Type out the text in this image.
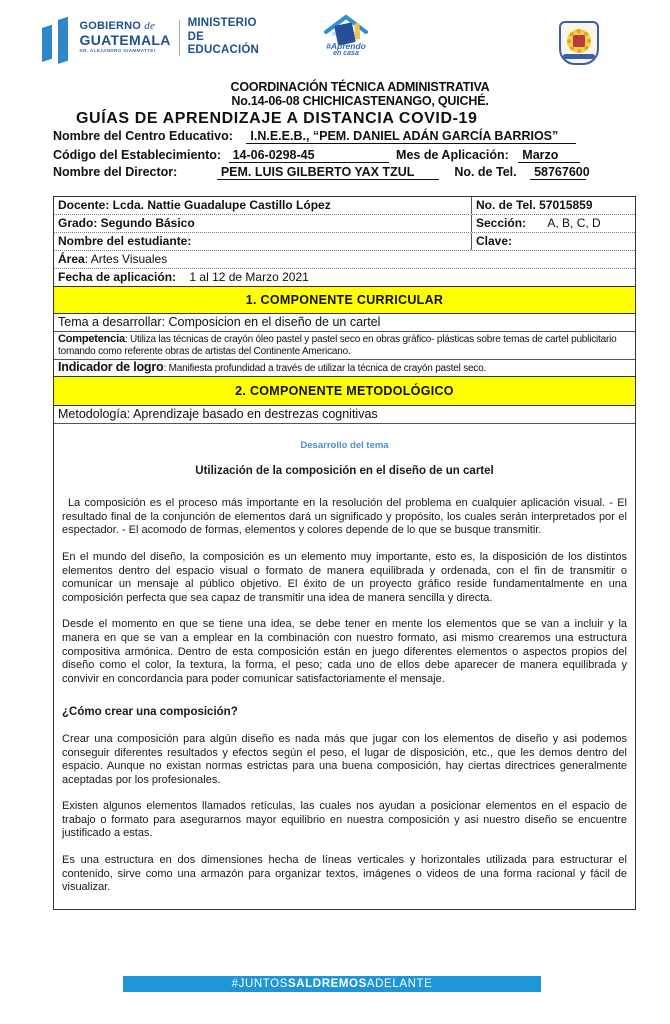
GOBIERNO de
GUATEMALA
DR. ALEJANDRO GIAMMATTEI
MINISTERIO DE
EDUCACIÓN	#Aprendo
en casa
COORDINACIÓN TÉCNICA ADMINISTRATIVA
No.14-06-08 CHICHICASTENANGO, QUICHÉ.
GUÍAS DE APRENDIZAJE A DISTANCIA COVID-19
Nombre del Centro Educativo: I.N.E.E.B., “PEM. DANIEL ADÁN GARCÍA BARRIOS”
Código del Establecimiento: 14-06-0298-45	Mes de Aplicación: Marzo
Nombre del Director:	PEM. LUIS GILBERTO YAX TZUL	No. de Tel. 58767600
Docente: Lcda. Nattie Guadalupe Castillo López	No. de Tel. 57015859
Grado: Segundo Básico	Sección: A, B, C, D
Nombre del estudiante:	Clave:
Área: Artes Visuales
Fecha de aplicación: 1 al 12 de Marzo 2021
1. COMPONENTE CURRICULAR
Tema a desarrollar: Composicion en el diseño de un cartel
Competencia: Utiliza las técnicas de crayón óleo pastel y pastel seco en obras gráfico- plásticas sobre temas de cartel publicitario tomando como referente obras de artistas del Continente Americano.
Indicador de logro: Manifiesta profundidad a través de utilizar la técnica de crayón pastel seco.
2. COMPONENTE METODOLÓGICO
Metodología: Aprendizaje basado en destrezas cognitivas
Desarrollo del tema
Utilización de la composición en el diseño de un cartel

La composición es el proceso más importante en la resolución del problema en cualquier aplicación visual. - El resultado final de la conjunción de elementos dará un significado y propósito, los cuales serán interpretados por el espectador. - El acomodo de formas, elementos y colores depende de lo que se busque transmitir.

En el mundo del diseño, la composición es un elemento muy importante, esto es, la disposición de los distintos elementos dentro del espacio visual o formato de manera equilibrada y ordenada, con el fin de transmitir o comunicar un mensaje al público objetivo. El éxito de un proyecto gráfico reside fundamentalmente en una composición perfecta que sea capaz de transmitir una idea de manera sencilla y directa.

Desde el momento en que se tiene una idea, se debe tener en mente los elementos que se van a incluir y la manera en que se van a emplear en la combinación con nuestro formato, asi mismo crearemos una estructura compositiva armónica. Dentro de esta composición están en juego diferentes elementos o aspectos propios del diseño como el color, la textura, la forma, el peso; cada uno de ellos debe aparecer de manera equilibrada y convivir en concordancia para poder comunicar satisfactoriamente el mensaje.

¿Cómo crear una composición?

Crear una composición para algún diseño es nada más que jugar con los elementos de diseño y asi podemos conseguir diferentes resultados y efectos según el peso, el lugar de disposición, etc., que les demos dentro del espacio. Aunque no existan normas estrictas para una buena composición, hay ciertas directrices generalmente aceptadas por los profesionales.

Existen algunos elementos llamados retículas, las cuales nos ayudan a posicionar elementos en el espacio de trabajo o formato para asegurarnos mayor equilibrio en nuestra composición y asi nuestro diseño se encuentre justificado a estas.

Es una estructura en dos dimensiones hecha de líneas verticales y horizontales utilizada para estructurar el contenido, sirve como una armazón para organizar textos, imágenes o videos de una forma racional y fácil de visualizar.

#JUNTOSSALDREMOSADELANTE
